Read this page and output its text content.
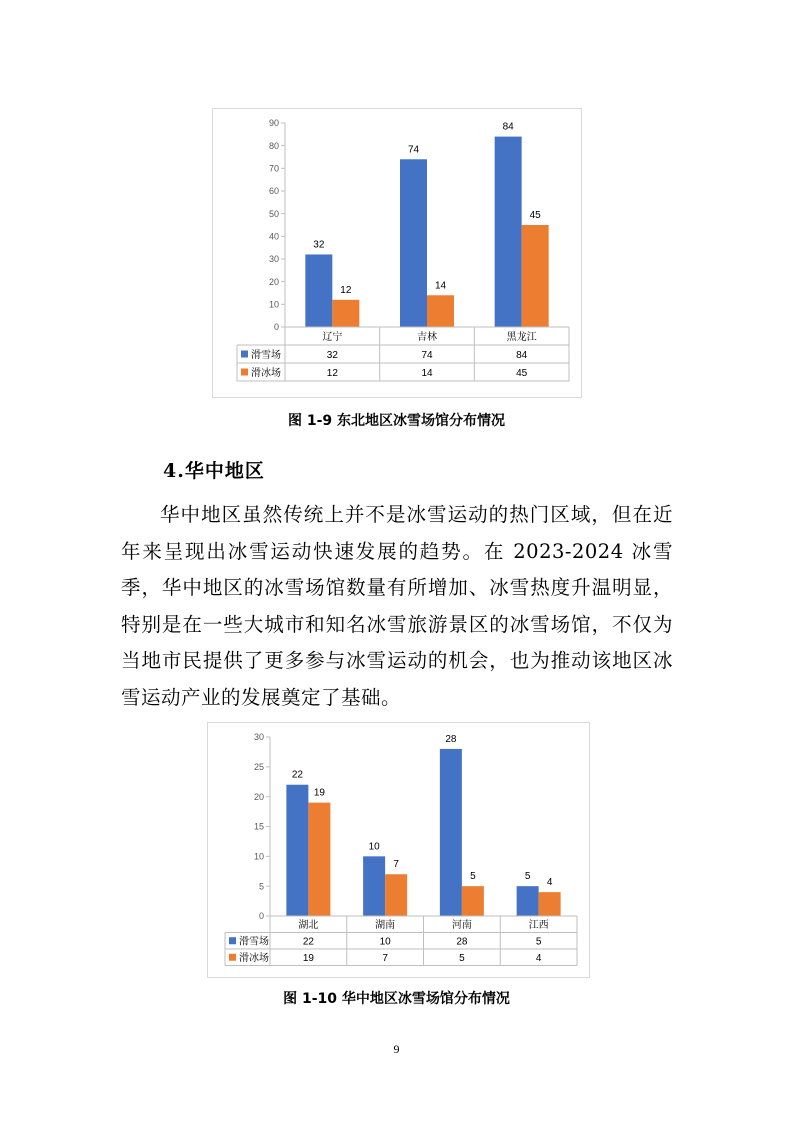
0
10
20
30
40
50
60
70
80
90
32
74
84
12	14
45
辽宁	吉林	黑龙江
滑雪场	32	74	84
滑冰场	12	14	45
图 1-9 东北地区冰雪场馆分布情况
4.华中地区
华中地区虽然传统上并不是冰雪运动的热门区域，但在近年来呈现出冰雪运动快速发展的趋势。在 2023-2024 冰雪季，华中地区的冰雪场馆数量有所增加、冰雪热度升温明显，特别是在一些大城市和知名冰雪旅游景区的冰雪场馆，不仅为当地市民提供了更多参与冰雪运动的机会，也为推动该地区冰雪运动产业的发展奠定了基础。
0
5
10
15
20
25
30
22
10
28
5
19
7
5
4
湖北	湖南	河南	江西
滑雪场	22	10	28	5
滑冰场	19	7	5	4
图 1-10 华中地区冰雪场馆分布情况
9
